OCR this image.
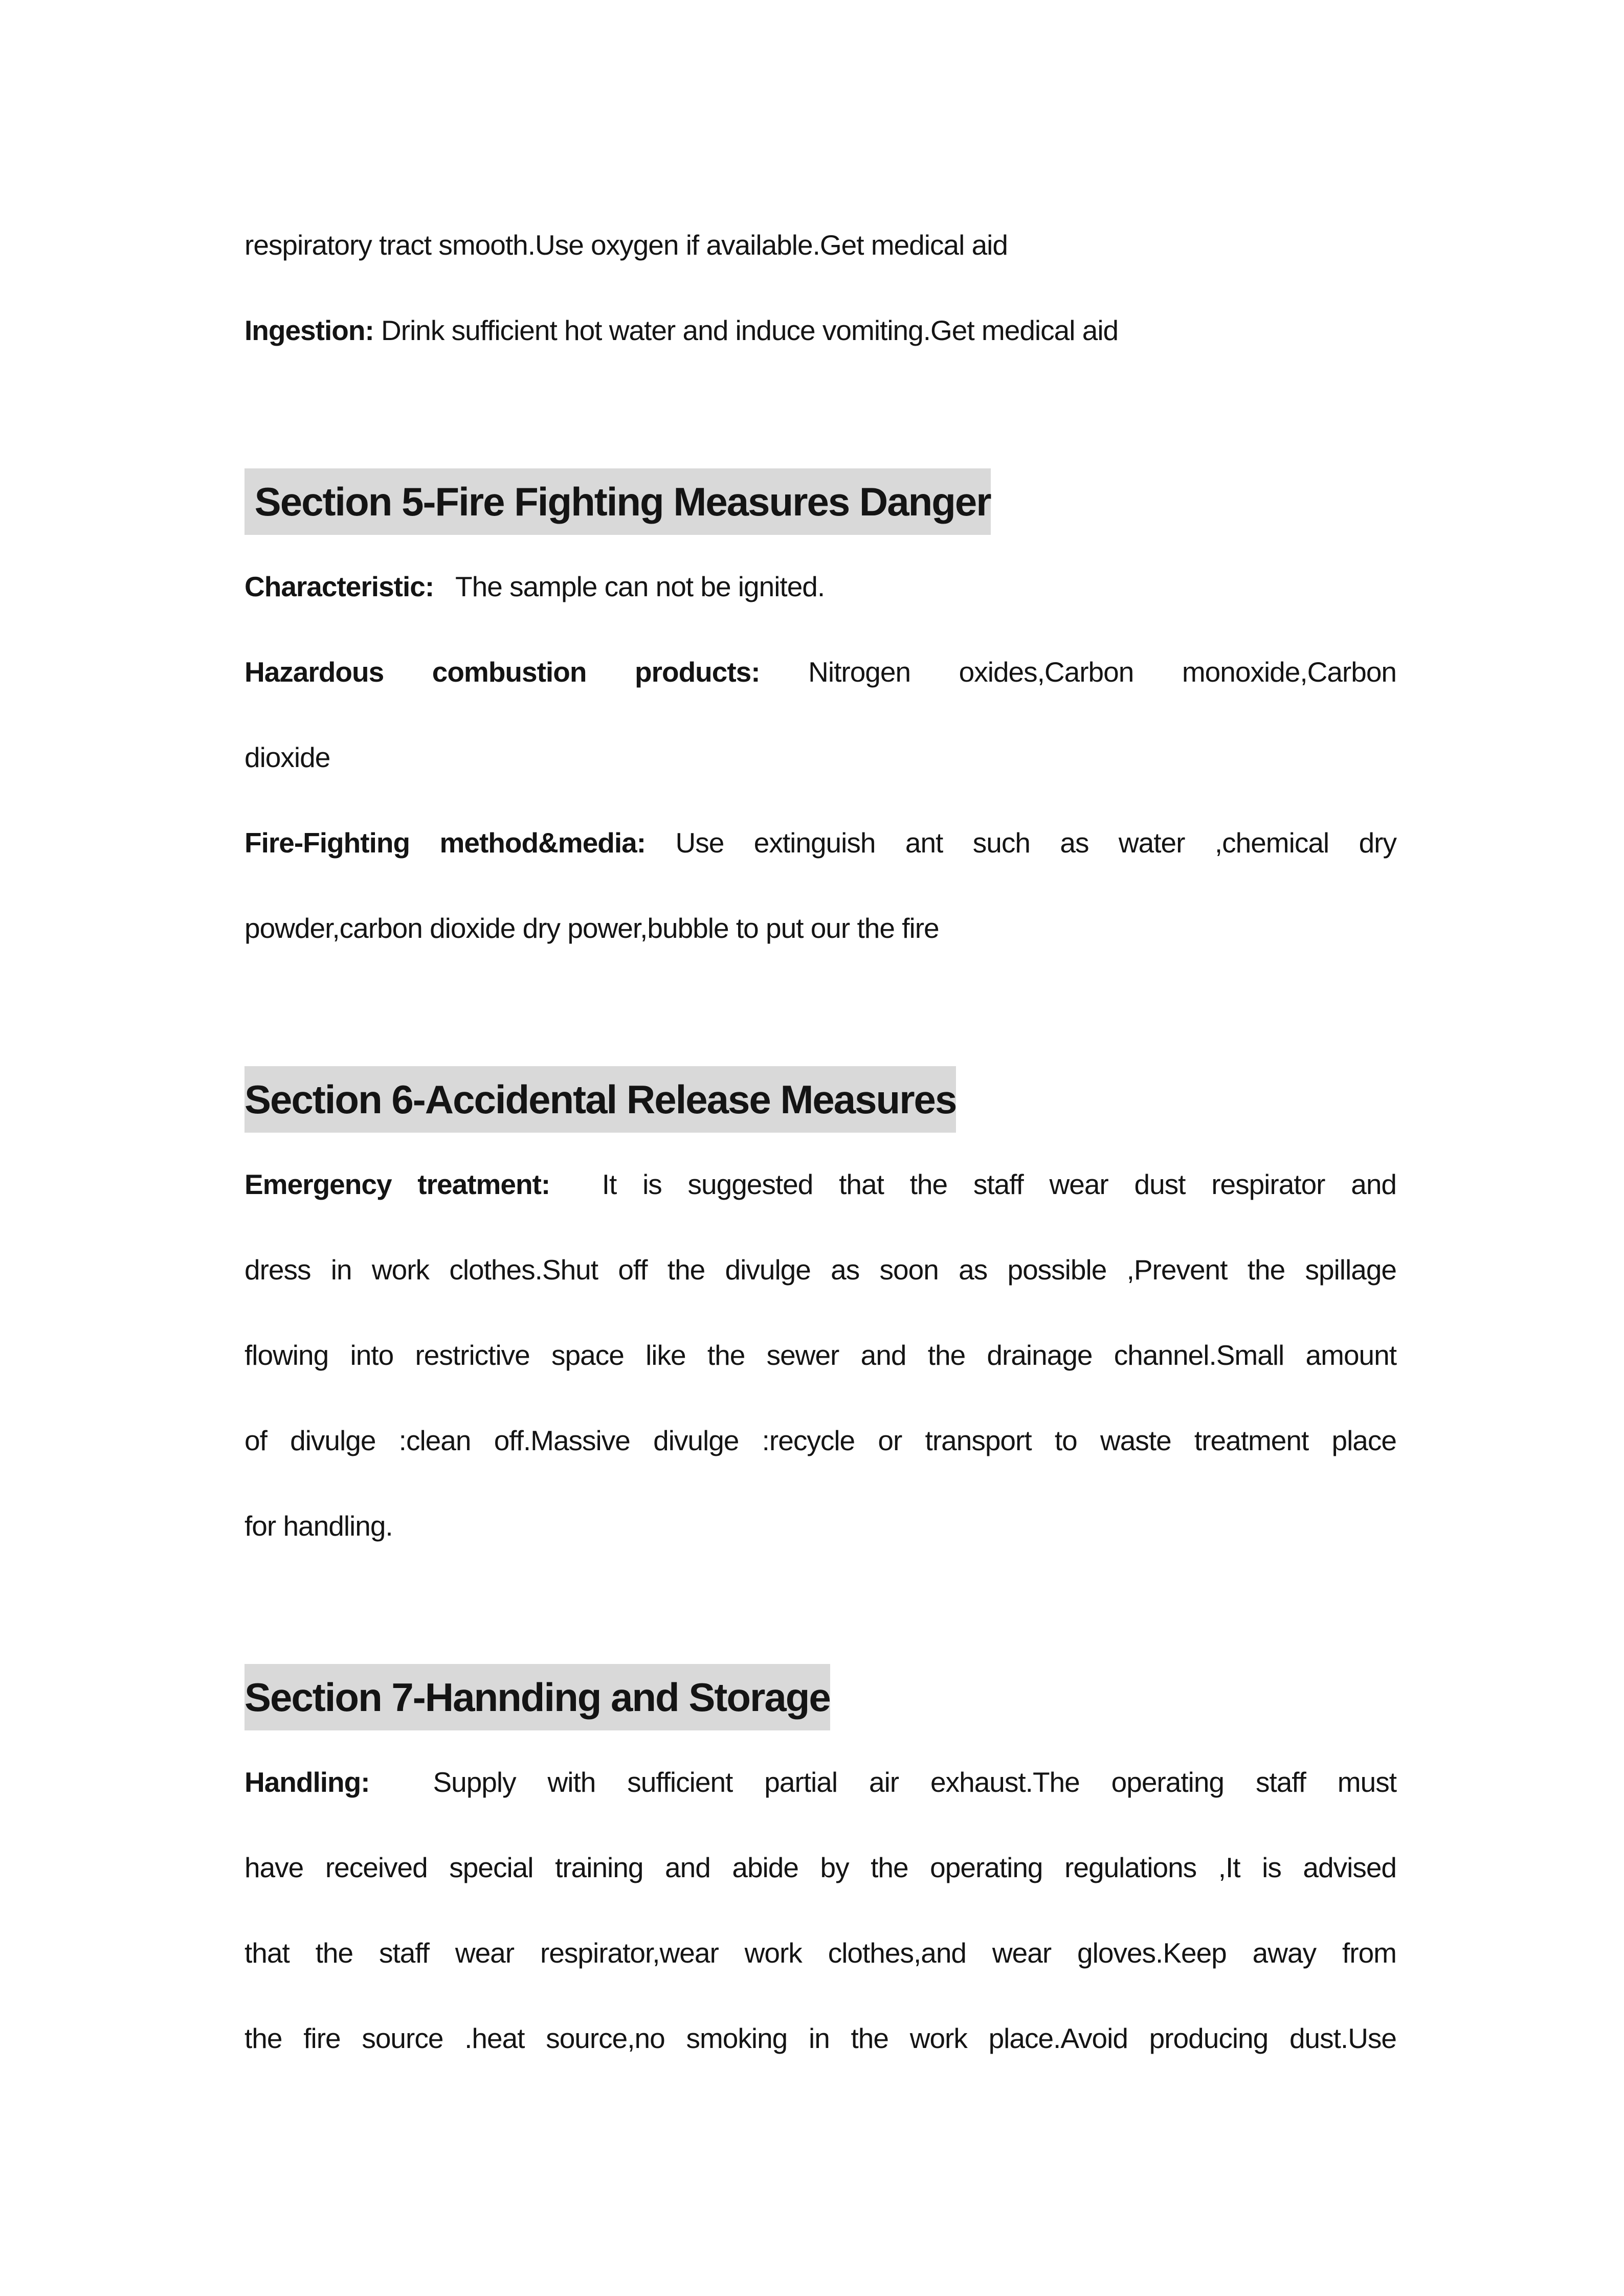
respiratory tract smooth.Use oxygen if available.Get medical aid
Ingestion: Drink sufficient hot water and induce vomiting.Get medical aid
Section 5-Fire Fighting Measures Danger
Characteristic:   The sample can not be ignited.
Hazardous combustion products: Nitrogen oxides,Carbon monoxide,Carbon
dioxide
Fire-Fighting method&media: Use extinguish ant such as water ,chemical dry
powder,carbon dioxide dry power,bubble to put our the fire
Section 6-Accidental Release Measures
Emergency treatment:  It is suggested that the staff wear dust respirator and
dress in work clothes.Shut off the divulge as soon as possible ,Prevent the spillage
flowing into restrictive space like the sewer and the drainage channel.Small amount
of divulge :clean off.Massive divulge :recycle or transport to waste treatment place
for handling.
Section 7-Hannding and Storage
Handling:  Supply with sufficient partial air exhaust.The operating staff must
have received special training and abide by the operating regulations ,It is advised
that the staff wear respirator,wear work clothes,and wear gloves.Keep away from
the fire source .heat source,no smoking in the work place.Avoid producing dust.Use
